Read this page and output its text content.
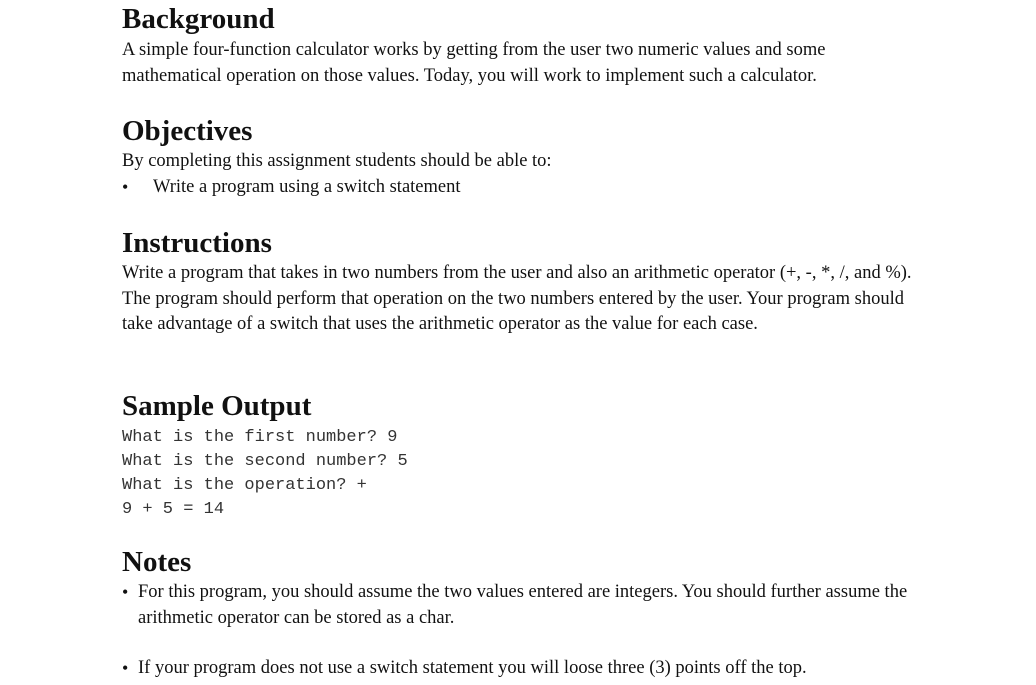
Background

A simple four-function calculator works by getting from the user two numeric values and some mathematical operation on those values. Today, you will work to implement such a calculator.

Objectives

By completing this assignment students should be able to:

• Write a program using a switch statement
Instructions

Write a program that takes in two numbers from the user and also an arithmetic operator (+, -, *, /, and %). The program should perform that operation on the two numbers entered by the user. Your program should take advantage of a switch that uses the arithmetic operator as the value for each case.

Sample Output
What is the first number? 9
What is the second number? 5
What is the operation? +
9 + 5 = 14
Notes
• For this program, you should assume the two values entered are integers. You should further assume the arithmetic operator can be stored as a char.
• If your program does not use a switch statement you will loose three (3) points off the top.
